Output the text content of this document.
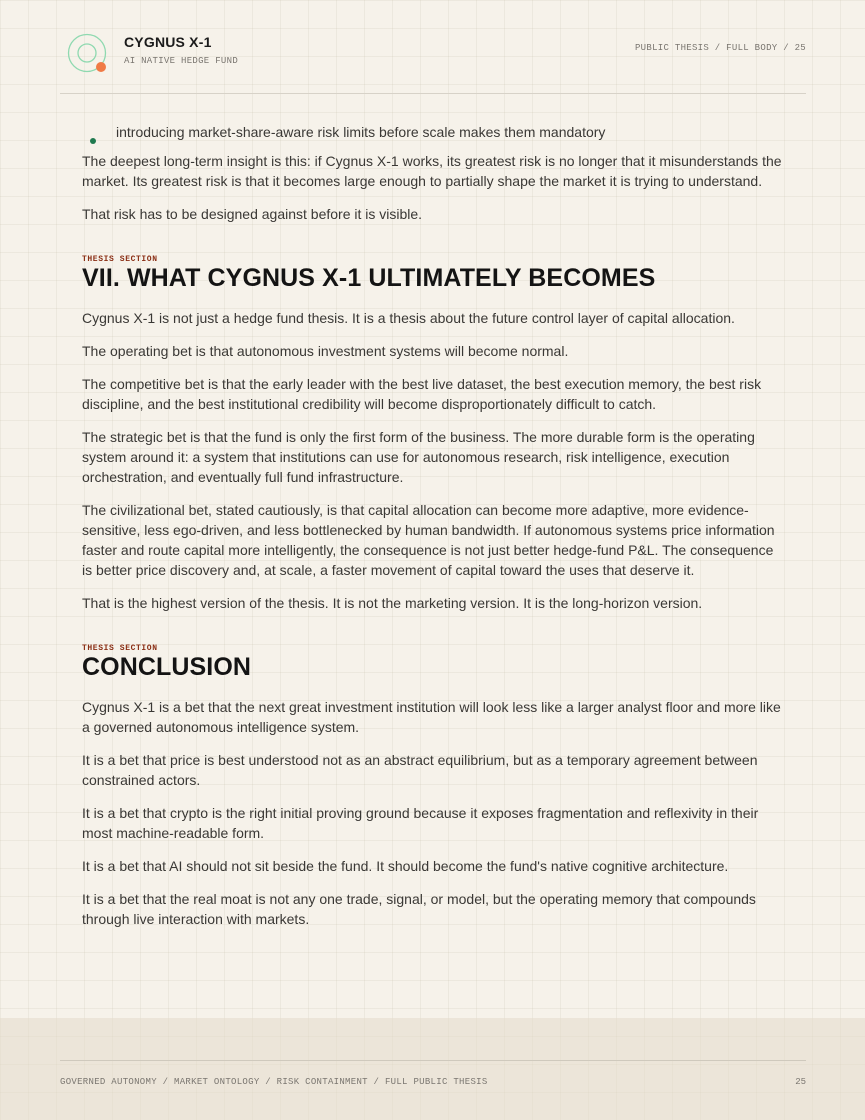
CYGNUS X-1
AI NATIVE HEDGE FUND
PUBLIC THESIS / FULL BODY / 25
introducing market-share-aware risk limits before scale makes them mandatory

The deepest long-term insight is this: if Cygnus X-1 works, its greatest risk is no longer that it misunderstands the market. Its greatest risk is that it becomes large enough to partially shape the market it is trying to understand.

That risk has to be designed against before it is visible.

THESIS SECTION
VII. WHAT CYGNUS X-1 ULTIMATELY BECOMES

Cygnus X-1 is not just a hedge fund thesis. It is a thesis about the future control layer of capital allocation.

The operating bet is that autonomous investment systems will become normal.

The competitive bet is that the early leader with the best live dataset, the best execution memory, the best risk discipline, and the best institutional credibility will become disproportionately difficult to catch.

The strategic bet is that the fund is only the first form of the business. The more durable form is the operating system around it: a system that institutions can use for autonomous research, risk intelligence, execution orchestration, and eventually full fund infrastructure.

The civilizational bet, stated cautiously, is that capital allocation can become more adaptive, more evidence-sensitive, less ego-driven, and less bottlenecked by human bandwidth. If autonomous systems price information faster and route capital more intelligently, the consequence is not just better hedge-fund P&L. The consequence is better price discovery and, at scale, a faster movement of capital toward the uses that deserve it.

That is the highest version of the thesis. It is not the marketing version. It is the long-horizon version.

THESIS SECTION
CONCLUSION

Cygnus X-1 is a bet that the next great investment institution will look less like a larger analyst floor and more like a governed autonomous intelligence system.

It is a bet that price is best understood not as an abstract equilibrium, but as a temporary agreement between constrained actors.

It is a bet that crypto is the right initial proving ground because it exposes fragmentation and reflexivity in their most machine-readable form.

It is a bet that AI should not sit beside the fund. It should become the fund's native cognitive architecture.

It is a bet that the real moat is not any one trade, signal, or model, but the operating memory that compounds through live interaction with markets.

GOVERNED AUTONOMY / MARKET ONTOLOGY / RISK CONTAINMENT / FULL PUBLIC THESIS	25
